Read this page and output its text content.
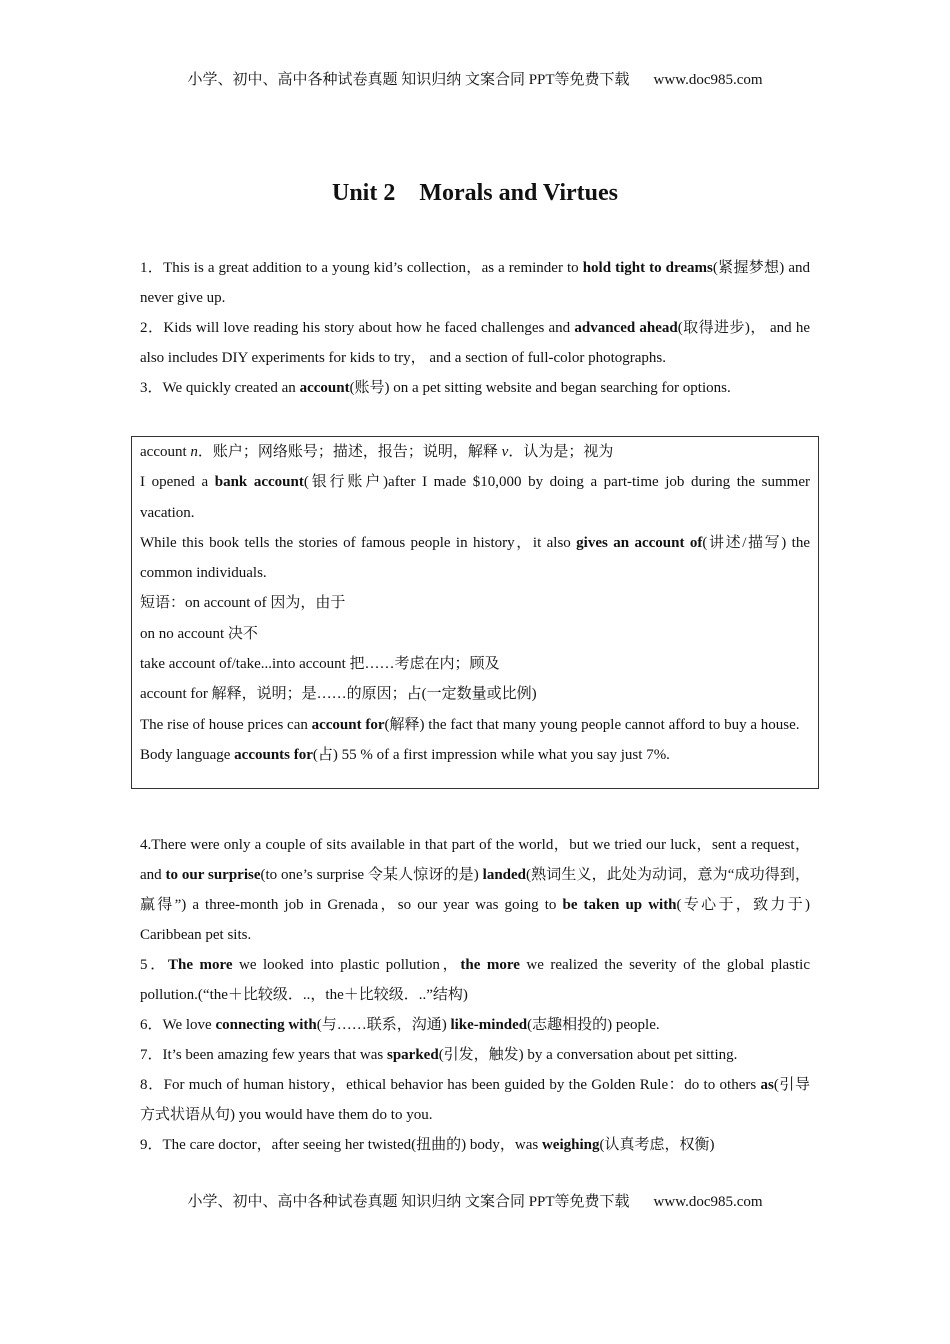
小学、初中、高中各种试卷真题 知识归纳 文案合同 PPT等免费下载 www.doc985.com
Unit 2　Morals and Virtues

1．This is a great addition to a young kid’s collection，as a reminder to hold tight to dreams(紧握梦想) and never give up.

2．Kids will love reading his story about how he faced challenges and advanced ahead(取得进步)， and he also includes DIY experiments for kids to try， and a section of full-color photographs.

3．We quickly created an account(账号) on a pet sitting website and began searching for options.

account n．账户；网络账号；描述，报告；说明，解释 v．认为是；视为

I opened a bank account(银行账户)after I made $10,000 by doing a part-time job during the summer vacation.

While this book tells the stories of famous people in history，it also gives an account of(讲述/描写) the common individuals.

短语：on account of 因为，由于

on no account 决不

take account of/take...into account 把……考虑在内；顾及

account for 解释，说明；是……的原因；占(一定数量或比例)

The rise of house prices can account for(解释) the fact that many young people cannot afford to buy a house.

Body language accounts for(占) 55 % of a first impression while what you say just 7%.

4.There were only a couple of sits available in that part of the world，but we tried our luck，sent a request，and to our surprise(to one’s surprise 令某人惊讶的是) landed(熟词生义，此处为动词，意为“成功得到，赢得”) a three-month job in Grenada，so our year was going to be taken up with(专心于，致力于) Caribbean pet sits.

5．The more we looked into plastic pollution，the more we realized the severity of the global plastic pollution.(“the＋比较级．..，the＋比较级．..”结构)

6．We love connecting with(与……联系，沟通) like-minded(志趣相投的) people.

7．It’s been amazing few years that was sparked(引发，触发) by a conversation about pet sitting.

8．For much of human history，ethical behavior has been guided by the Golden Rule：do to others as(引导方式状语从句) you would have them do to you.

9．The care doctor，after seeing her twisted(扭曲的) body，was weighing(认真考虑，权衡)

小学、初中、高中各种试卷真题 知识归纳 文案合同 PPT等免费下载 www.doc985.com
